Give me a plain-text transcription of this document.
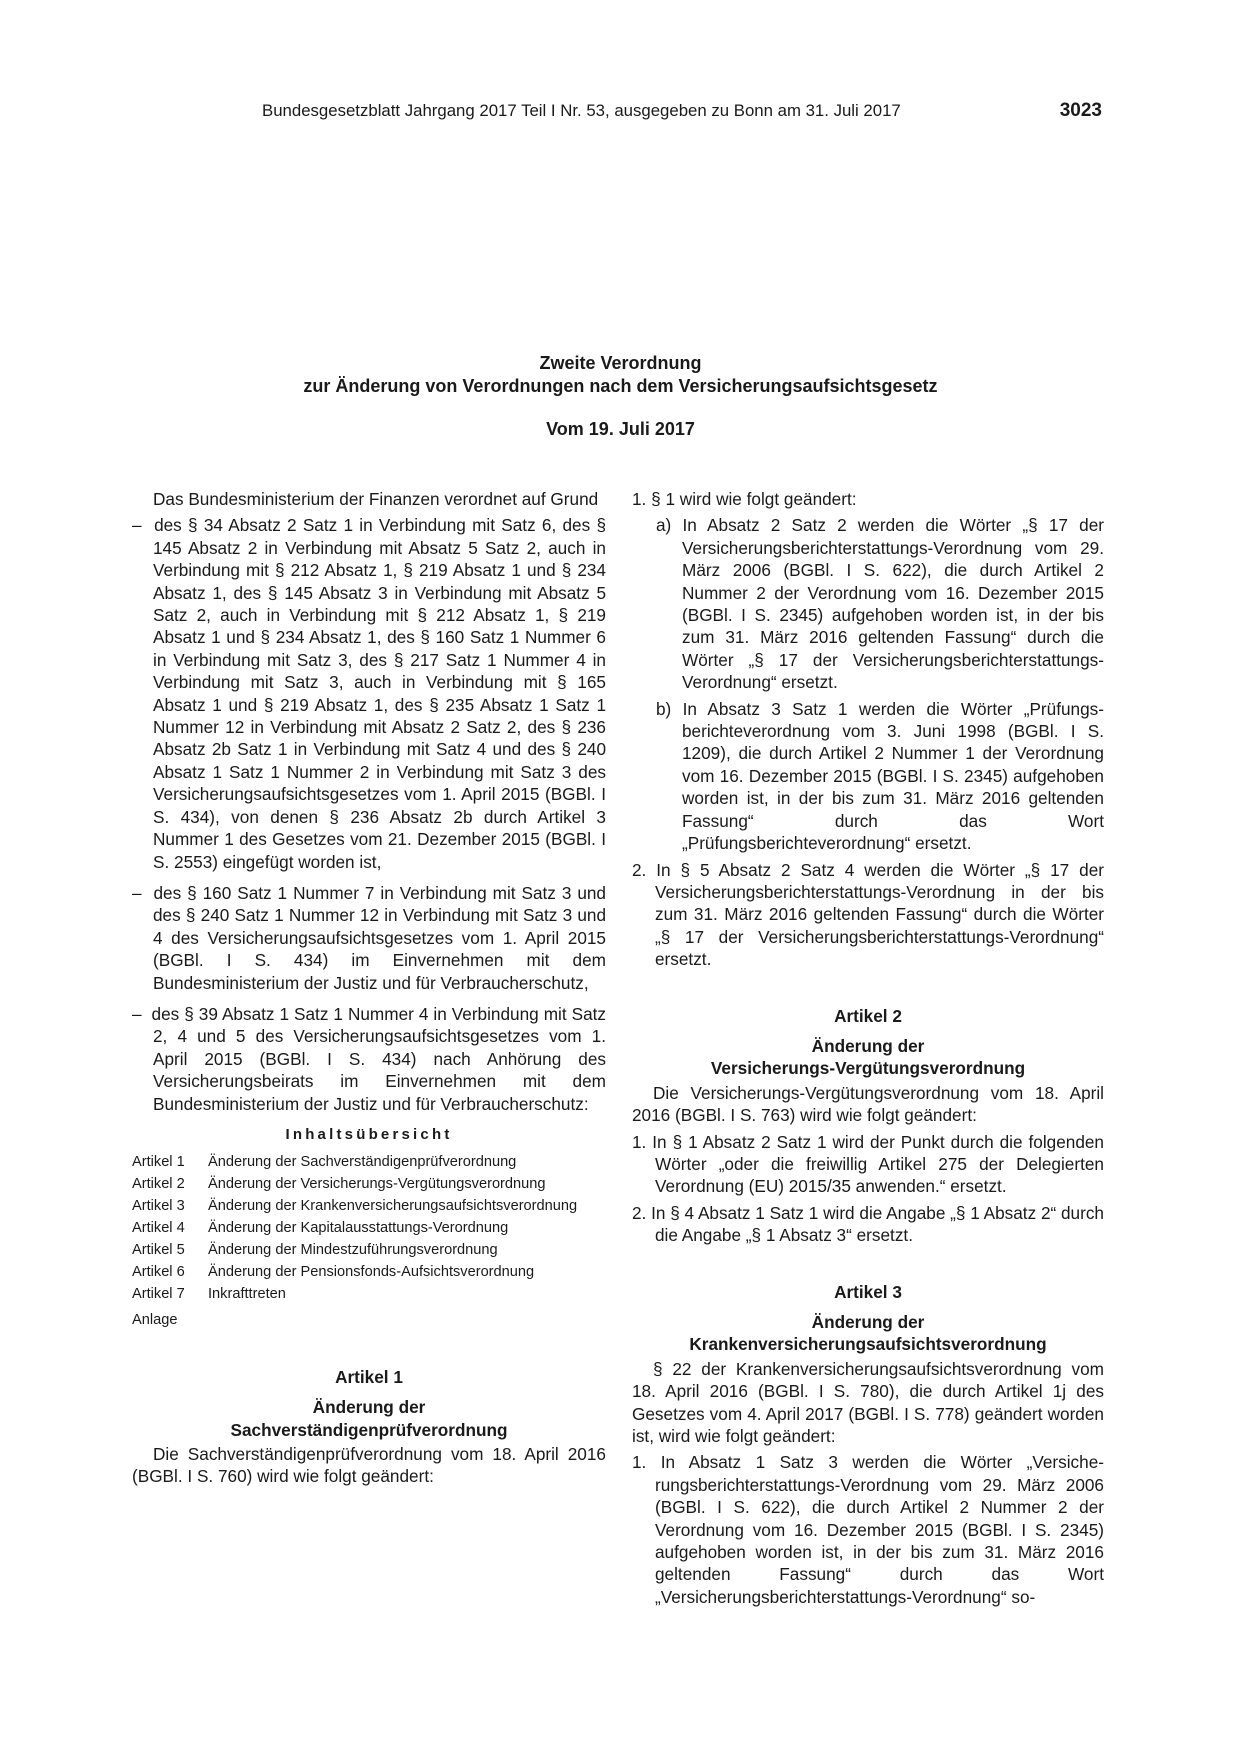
Bundesgesetzblatt Jahrgang 2017 Teil I Nr. 53, ausgegeben zu Bonn am 31. Juli 2017	3023
Zweite Verordnung
zur Änderung von Verordnungen nach dem Versicherungsaufsichtsgesetz
Vom 19. Juli 2017

Das Bundesministerium der Finanzen verordnet auf Grund

–  des § 34 Absatz 2 Satz 1 in Verbindung mit Satz 6, des § 145 Absatz 2 in Verbindung mit Absatz 5 Satz 2, auch in Verbindung mit § 212 Absatz 1, § 219 Absatz 1 und § 234 Absatz 1, des § 145 Absatz 3 in Verbindung mit Absatz 5 Satz 2, auch in Verbindung mit § 212 Absatz 1, § 219 Absatz 1 und § 234 Absatz 1, des § 160 Satz 1 Nummer 6 in Verbindung mit Satz 3, des § 217 Satz 1 Nummer 4 in Verbindung mit Satz 3, auch in Verbindung mit § 165 Absatz 1 und § 219 Absatz 1, des § 235 Absatz 1 Satz 1 Nummer 12 in Verbindung mit Absatz 2 Satz 2, des § 236 Absatz 2b Satz 1 in Verbindung mit Satz 4 und des § 240 Absatz 1 Satz 1 Nummer 2 in Verbindung mit Satz 3 des Versicherungsaufsichtsgesetzes vom 1. April 2015 (BGBl. I S. 434), von denen § 236 Absatz 2b durch Artikel 3 Nummer 1 des Gesetzes vom 21. Dezember 2015 (BGBl. I S. 2553) eingefügt worden ist,

–  des § 160 Satz 1 Nummer 7 in Verbindung mit Satz 3 und des § 240 Satz 1 Nummer 12 in Verbindung mit Satz 3 und 4 des Versicherungsaufsichtsgesetzes vom 1. April 2015 (BGBl. I S. 434) im Einvernehmen mit dem Bundesministerium der Justiz und für Verbraucherschutz,

–  des § 39 Absatz 1 Satz 1 Nummer 4 in Verbindung mit Satz 2, 4 und 5 des Versicherungsaufsichtsgesetzes vom 1. April 2015 (BGBl. I S. 434) nach Anhörung des Versicherungsbeirats im Einvernehmen mit dem Bundesministerium der Justiz und für Verbraucherschutz:

Inhaltsübersicht
Artikel 1	Änderung der Sachverständigenprüfverordnung
Artikel 2	Änderung der Versicherungs-Vergütungsverordnung
Artikel 3	Änderung der Krankenversicherungsaufsichtsverordnung
Artikel 4	Änderung der Kapitalausstattungs-Verordnung
Artikel 5	Änderung der Mindestzuführungsverordnung
Artikel 6	Änderung der Pensionsfonds-Aufsichtsverordnung
Artikel 7	Inkrafttreten
Anlage
Artikel 1
Änderung der
Sachverständigenprüfverordnung

Die Sachverständigenprüfverordnung vom 18. April 2016 (BGBl. I S. 760) wird wie folgt geändert:

1. § 1 wird wie folgt geändert:

a) In Absatz 2 Satz 2 werden die Wörter „§ 17 der Versicherungsberichterstattungs-Verordnung vom 29. März 2006 (BGBl. I S. 622), die durch Artikel 2 Nummer 2 der Verordnung vom 16. Dezember 2015 (BGBl. I S. 2345) aufgehoben worden ist, in der bis zum 31. März 2016 geltenden Fassung“ durch die Wörter „§ 17 der Versicherungsberichterstattungs-Verordnung“ ersetzt.

b) In Absatz 3 Satz 1 werden die Wörter „Prüfungsberichteverordnung vom 3. Juni 1998 (BGBl. I S. 1209), die durch Artikel 2 Nummer 1 der Verordnung vom 16. Dezember 2015 (BGBl. I S. 2345) aufgehoben worden ist, in der bis zum 31. März 2016 geltenden Fassung“ durch das Wort „Prüfungsberichteverordnung“ ersetzt.

2. In § 5 Absatz 2 Satz 4 werden die Wörter „§ 17 der Versicherungsberichterstattungs-Verordnung in der bis zum 31. März 2016 geltenden Fassung“ durch die Wörter „§ 17 der Versicherungsberichterstattungs-Verordnung“ ersetzt.

Artikel 2
Änderung der
Versicherungs-Vergütungsverordnung

Die Versicherungs-Vergütungsverordnung vom 18. April 2016 (BGBl. I S. 763) wird wie folgt geändert:

1. In § 1 Absatz 2 Satz 1 wird der Punkt durch die folgenden Wörter „oder die freiwillig Artikel 275 der Delegierten Verordnung (EU) 2015/35 anwenden.“ ersetzt.

2. In § 4 Absatz 1 Satz 1 wird die Angabe „§ 1 Absatz 2“ durch die Angabe „§ 1 Absatz 3“ ersetzt.

Artikel 3
Änderung der
Krankenversicherungsaufsichtsverordnung

§ 22 der Krankenversicherungsaufsichtsverordnung vom 18. April 2016 (BGBl. I S. 780), die durch Artikel 1j des Gesetzes vom 4. April 2017 (BGBl. I S. 778) geändert worden ist, wird wie folgt geändert:

1. In Absatz 1 Satz 3 werden die Wörter „Versicherungsberichterstattungs-Verordnung vom 29. März 2006 (BGBl. I S. 622), die durch Artikel 2 Nummer 2 der Verordnung vom 16. Dezember 2015 (BGBl. I S. 2345) aufgehoben worden ist, in der bis zum 31. März 2016 geltenden Fassung“ durch das Wort „Versicherungsberichterstattungs-Verordnung“ so-
